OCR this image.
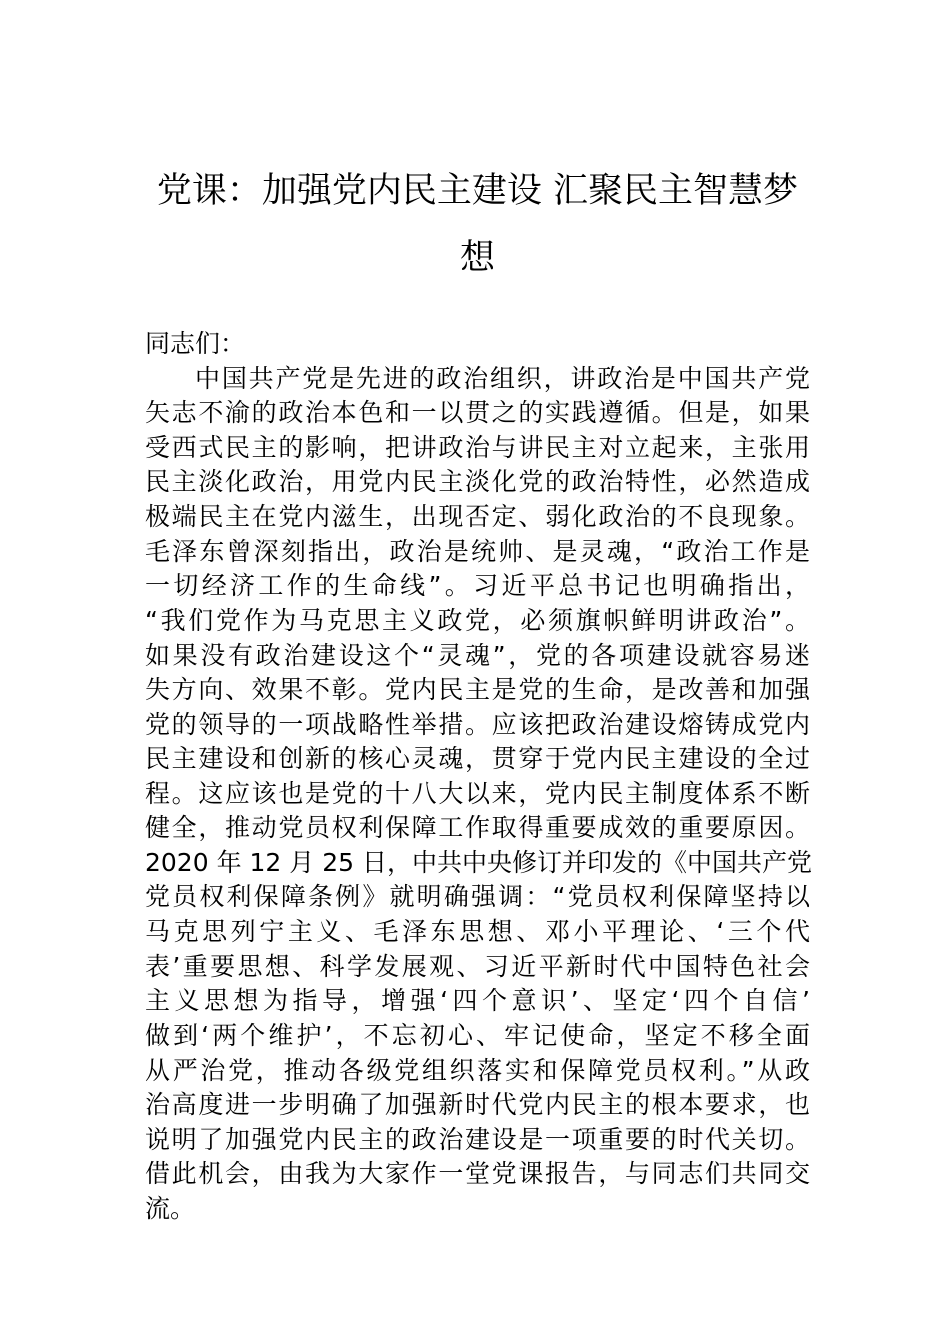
党课：加强党内民主建设 汇聚民主智慧梦
想
同志们：
中国共产党是先进的政治组织，讲政治是中国共产党
矢志不渝的政治本色和一以贯之的实践遵循。但是，如果
受西式民主的影响，把讲政治与讲民主对立起来，主张用
民主淡化政治，用党内民主淡化党的政治特性，必然造成
极端民主在党内滋生，出现否定、弱化政治的不良现象。
毛泽东曾深刻指出，政治是统帅、是灵魂，“政治工作是
一切经济工作的生命线”。习近平总书记也明确指出，
“我们党作为马克思主义政党，必须旗帜鲜明讲政治”。
如果没有政治建设这个“灵魂”，党的各项建设就容易迷
失方向、效果不彰。党内民主是党的生命，是改善和加强
党的领导的一项战略性举措。应该把政治建设熔铸成党内
民主建设和创新的核心灵魂，贯穿于党内民主建设的全过
程。这应该也是党的十八大以来，党内民主制度体系不断
健全，推动党员权利保障工作取得重要成效的重要原因。
2020 年 12 月 25 日，中共中央修订并印发的《中国共产党
党员权利保障条例》就明确强调：“党员权利保障坚持以
马克思列宁主义、毛泽东思想、邓小平理论、‘三个代
表’重要思想、科学发展观、习近平新时代中国特色社会
主义思想为指导，增强‘四个意识’、坚定‘四个自信’
做到‘两个维护’，不忘初心、牢记使命，坚定不移全面
从严治党，推动各级党组织落实和保障党员权利。”从政
治高度进一步明确了加强新时代党内民主的根本要求，也
说明了加强党内民主的政治建设是一项重要的时代关切。
借此机会，由我为大家作一堂党课报告，与同志们共同交
流。
